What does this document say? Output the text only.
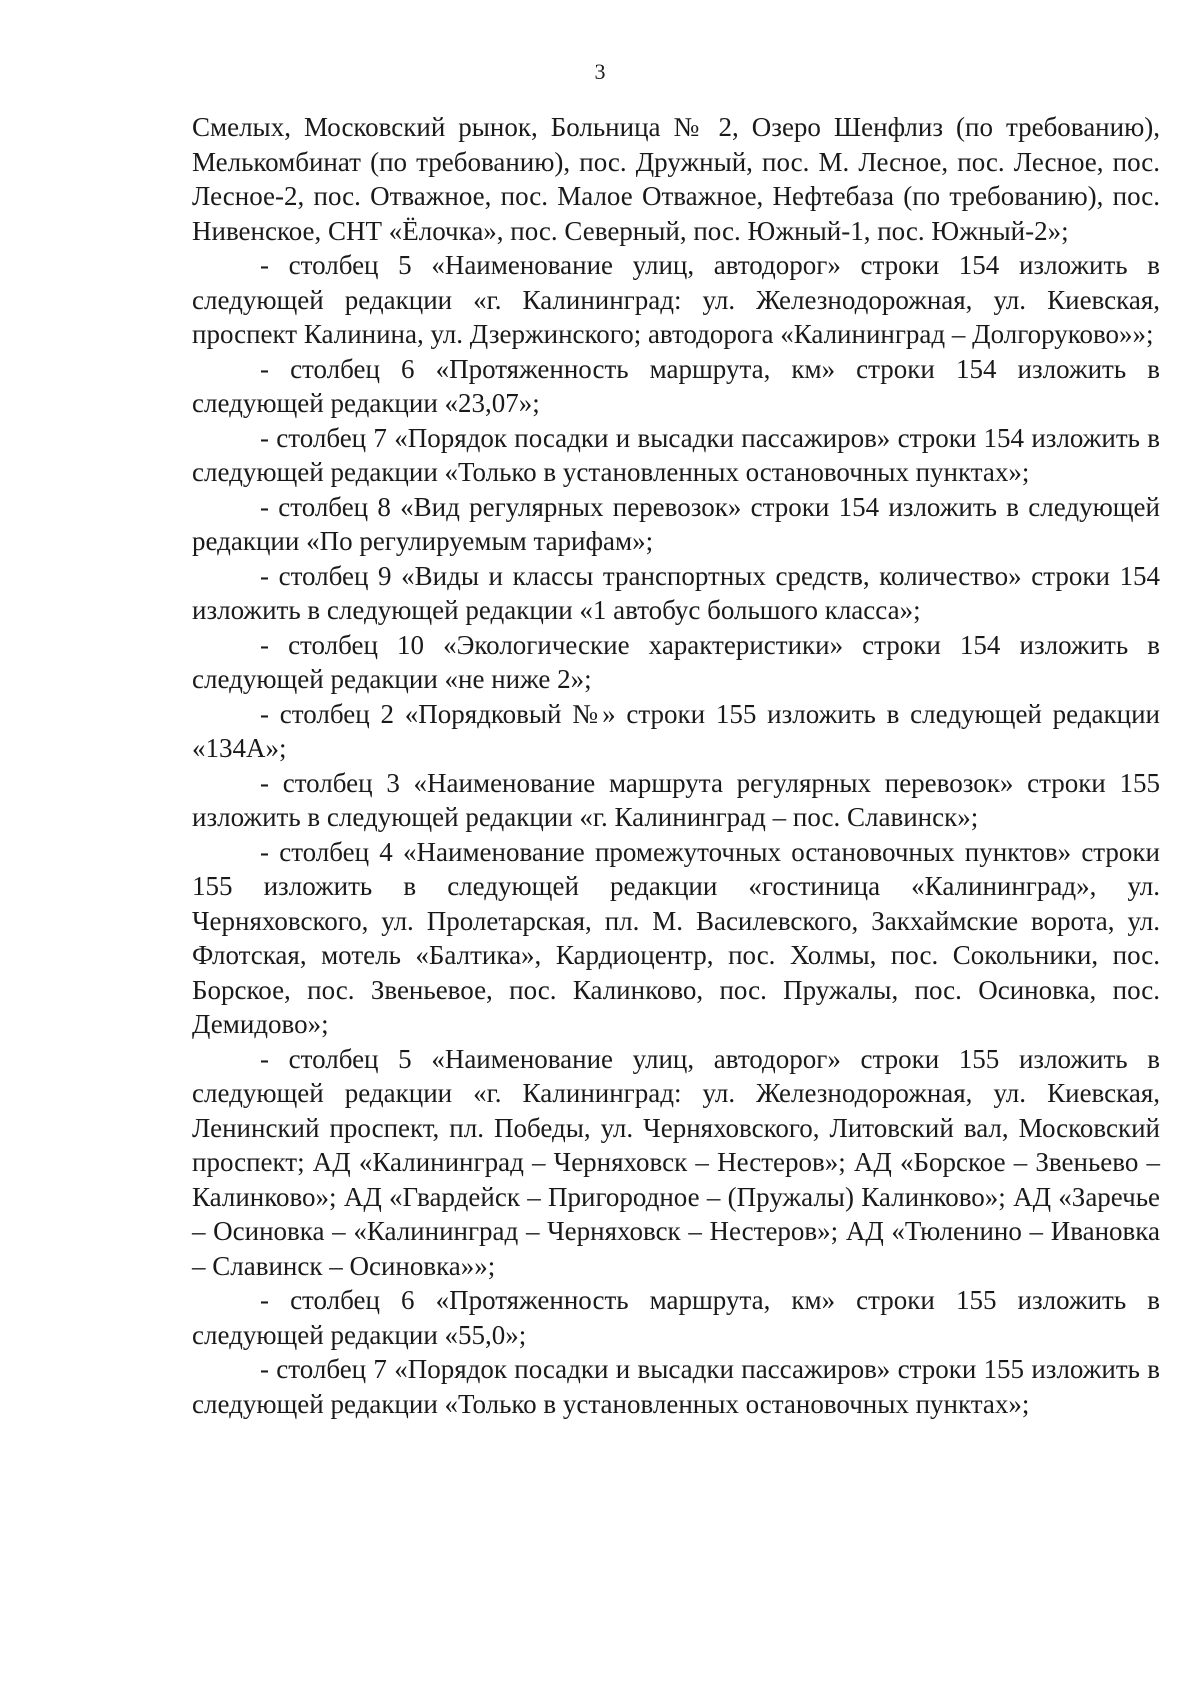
3

Смелых, Московский рынок, Больница № 2, Озеро Шенфлиз (по требованию), Мелькомбинат (по требованию), пос. Дружный, пос. М. Лесное, пос. Лесное, пос. Лесное-2, пос. Отважное, пос. Малое Отважное, Нефтебаза (по требованию), пос. Нивенское, СНТ «Ёлочка», пос. Северный, пос. Южный-1, пос. Южный-2»;

- столбец 5 «Наименование улиц, автодорог» строки 154 изложить в следующей редакции «г. Калининград: ул. Железнодорожная, ул. Киевская, проспект Калинина, ул. Дзержинского; автодорога «Калининград – Долгоруково»»;

- столбец 6 «Протяженность маршрута, км» строки 154 изложить в следующей редакции «23,07»;

- столбец 7 «Порядок посадки и высадки пассажиров» строки 154 изложить в следующей редакции «Только в установленных остановочных пунктах»;

- столбец 8 «Вид регулярных перевозок» строки 154 изложить в следующей редакции «По регулируемым тарифам»;

- столбец 9 «Виды и классы транспортных средств, количество» строки 154 изложить в следующей редакции «1 автобус большого класса»;

- столбец 10 «Экологические характеристики» строки 154 изложить в следующей редакции «не ниже 2»;

- столбец 2 «Порядковый №» строки 155 изложить в следующей редакции «134А»;

- столбец 3 «Наименование маршрута регулярных перевозок» строки 155 изложить в следующей редакции «г. Калининград – пос. Славинск»;

- столбец 4 «Наименование промежуточных остановочных пунктов» строки 155 изложить в следующей редакции «гостиница «Калининград», ул. Черняховского, ул. Пролетарская, пл. М. Василевского, Закхаймские ворота, ул. Флотская, мотель «Балтика», Кардиоцентр, пос. Холмы, пос. Сокольники, пос. Борское, пос. Звеньевое, пос. Калинково, пос. Пружалы, пос. Осиновка, пос. Демидово»;

- столбец 5 «Наименование улиц, автодорог» строки 155 изложить в следующей редакции «г. Калининград: ул. Железнодорожная, ул. Киевская, Ленинский проспект, пл. Победы, ул. Черняховского, Литовский вал, Московский проспект; АД «Калининград – Черняховск – Нестеров»; АД «Борское – Звеньево – Калинково»; АД «Гвардейск – Пригородное – (Пружалы) Калинково»; АД «Заречье – Осиновка – «Калининград – Черняховск – Нестеров»; АД «Тюленино – Ивановка – Славинск – Осиновка»»;

- столбец 6 «Протяженность маршрута, км» строки 155 изложить в следующей редакции «55,0»;

- столбец 7 «Порядок посадки и высадки пассажиров» строки 155 изложить в следующей редакции «Только в установленных остановочных пунктах»;
